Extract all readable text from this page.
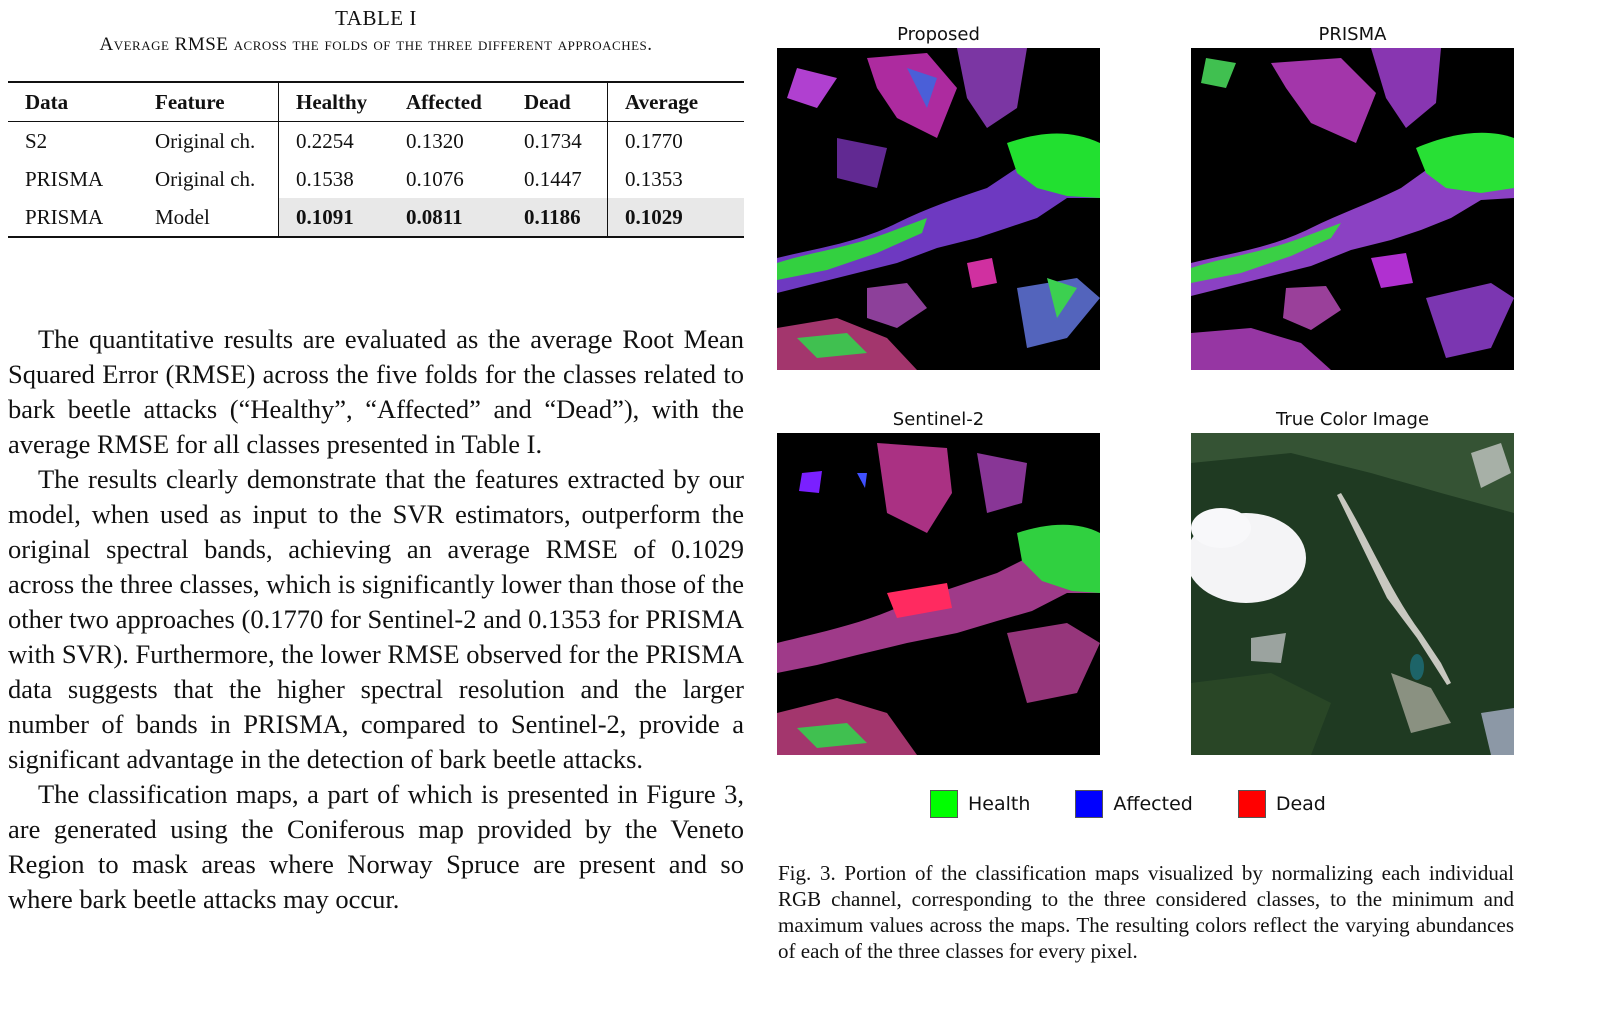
TABLE I
Average RMSE across the folds of the three different approaches.
Data	Feature	Healthy	Affected	Dead	Average
S2	Original ch.	0.2254	0.1320	0.1734	0.1770
PRISMA	Original ch.	0.1538	0.1076	0.1447	0.1353
PRISMA	Model	0.1091	0.0811	0.1186	0.1029

The quantitative results are evaluated as the average Root Mean Squared Error (RMSE) across the five folds for the classes related to bark beetle attacks (“Healthy”, “Affected” and “Dead”), with the average RMSE for all classes presented in Table I.

The results clearly demonstrate that the features extracted by our model, when used as input to the SVR estimators, outperform the original spectral bands, achieving an average RMSE of 0.1029 across the three classes, which is significantly lower than those of the other two approaches (0.1770 for Sentinel-2 and 0.1353 for PRISMA with SVR). Furthermore, the lower RMSE observed for the PRISMA data suggests that the higher spectral resolution and the larger number of bands in PRISMA, compared to Sentinel-2, provide a significant advantage in the detection of bark beetle attacks.

The classification maps, a part of which is presented in Figure 3, are generated using the Coniferous map provided by the Veneto Region to mask areas where Norway Spruce are present and so where bark beetle attacks may occur.

Proposed	PRISMA
Sentinel-2	True Color Image
Health	Affected	Dead
Fig. 3. Portion of the classification maps visualized by normalizing each individual RGB channel, corresponding to the three considered classes, to the minimum and maximum values across the maps. The resulting colors reflect the varying abundances of each of the three classes for every pixel.
